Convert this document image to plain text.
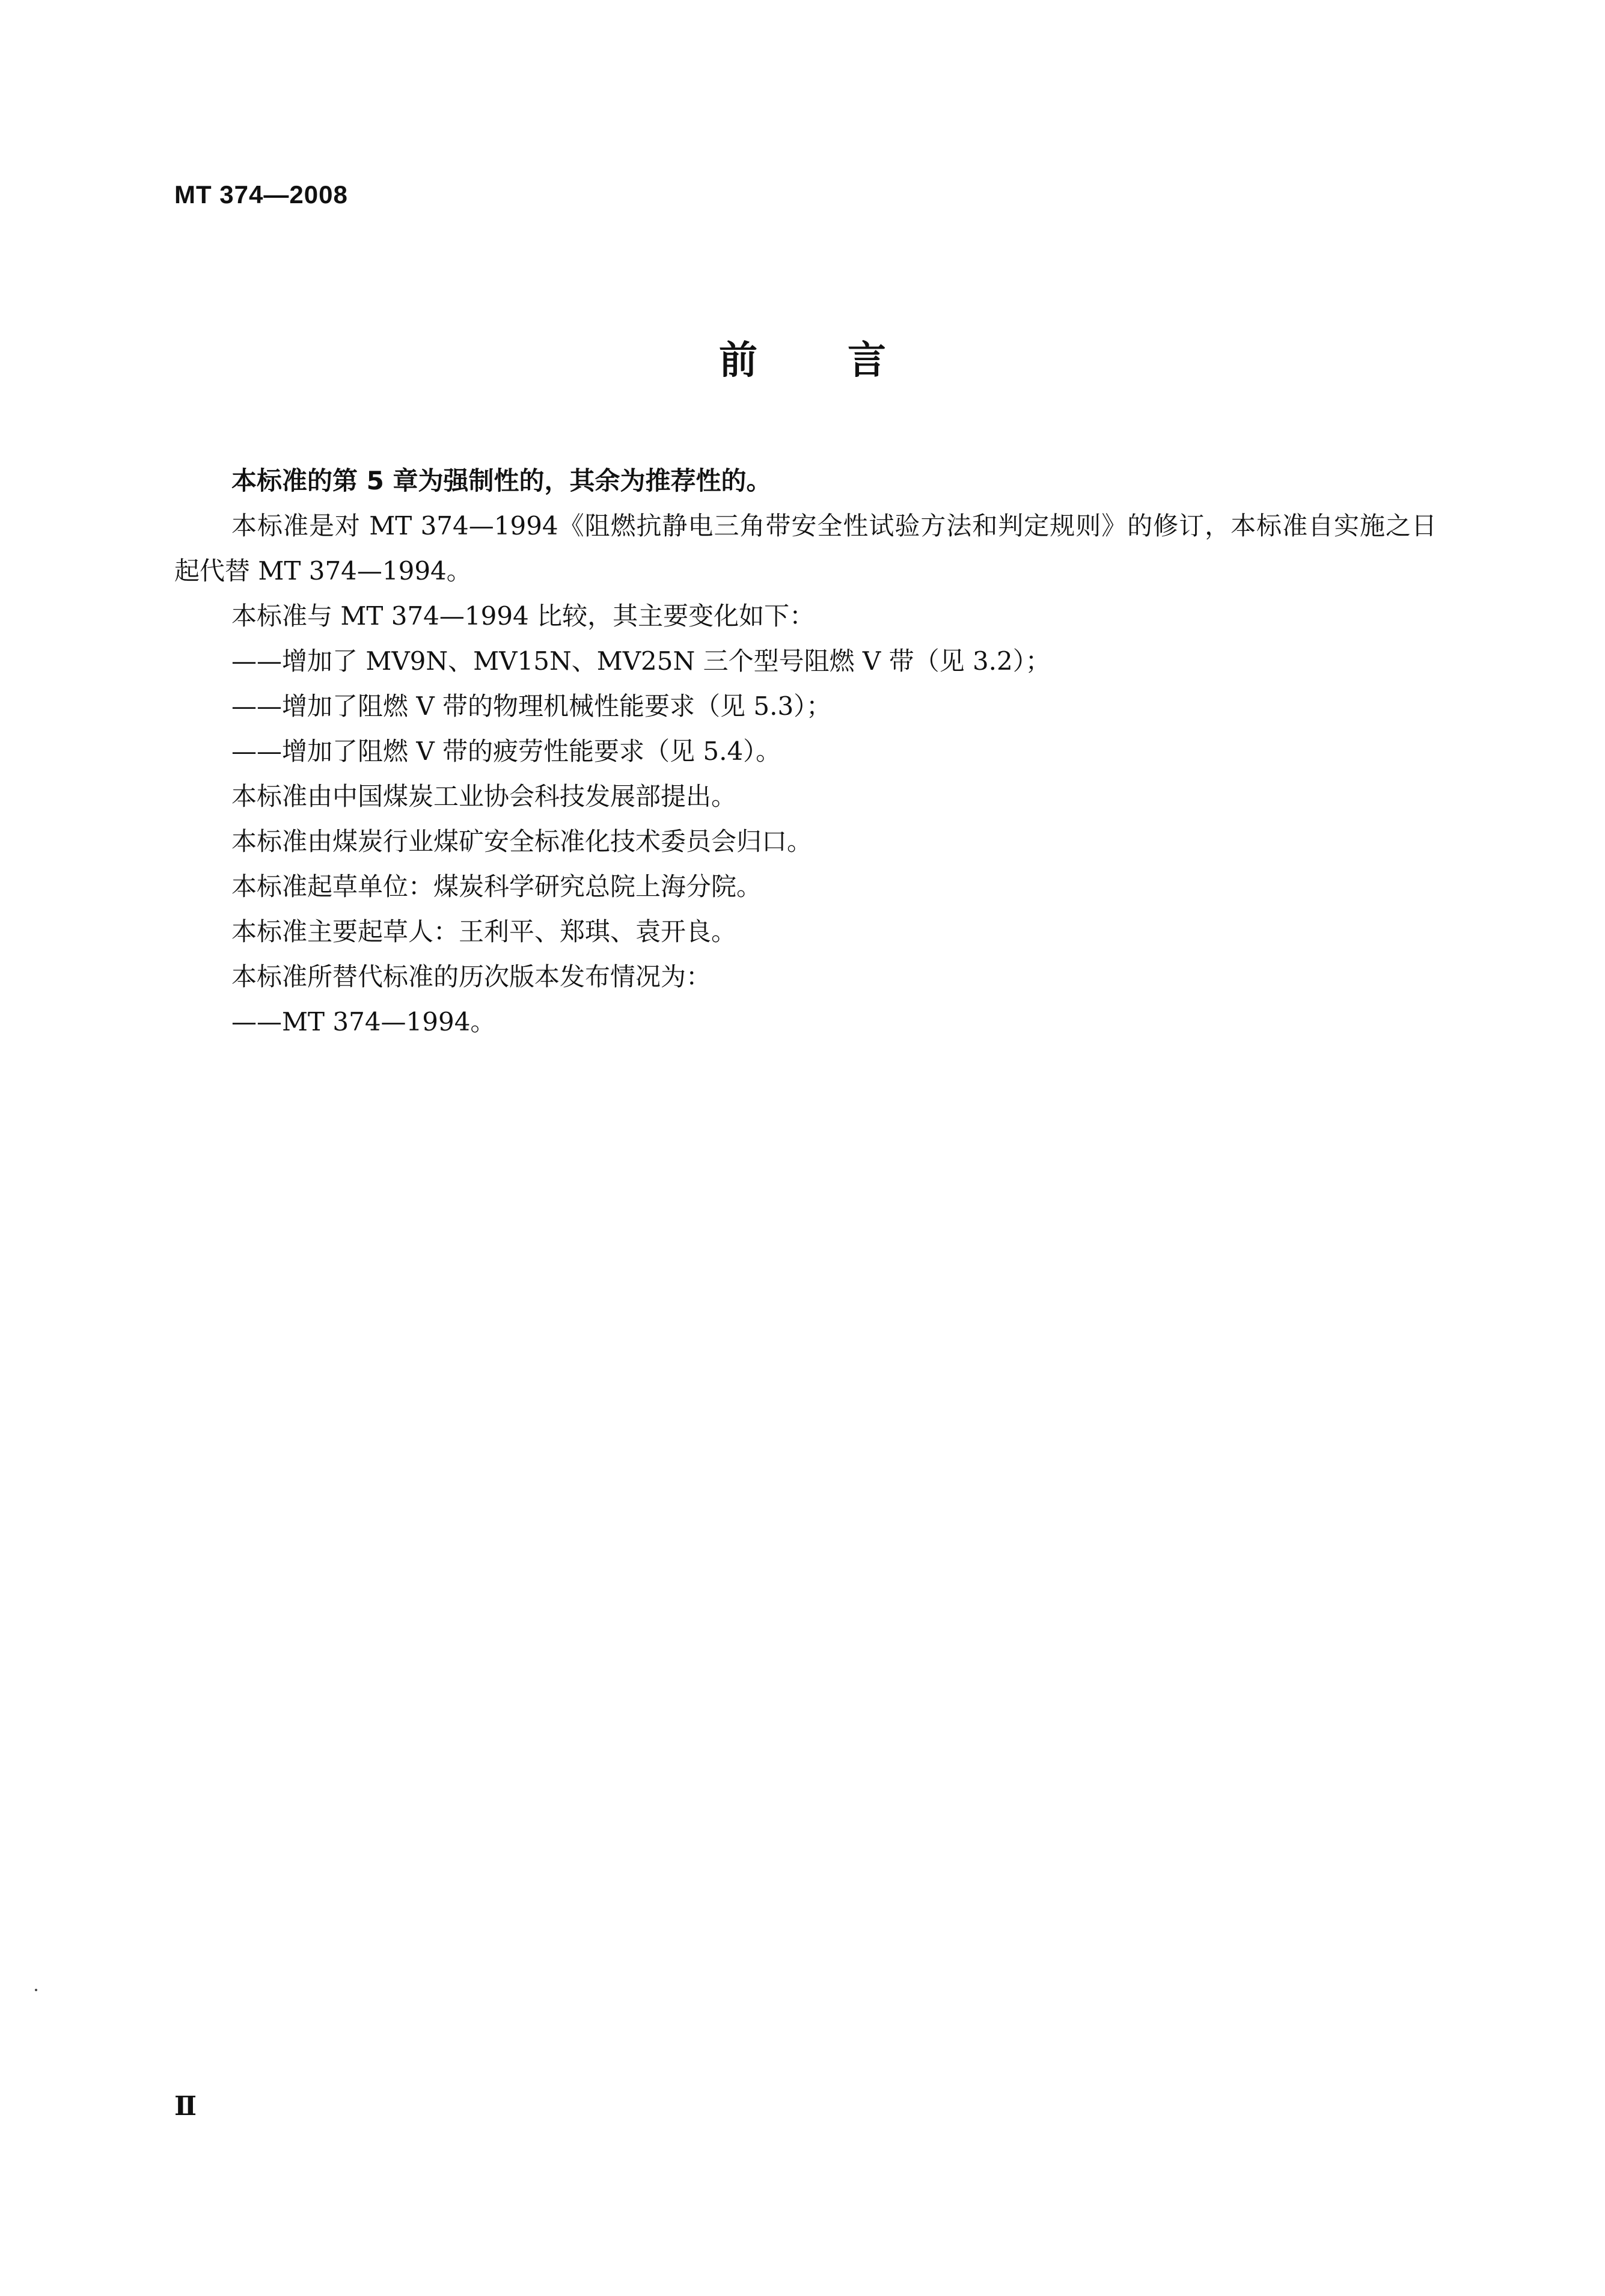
MT 374—2008
前言

本标准的第 5 章为强制性的，其余为推荐性的。

本标准是对 MT 374—1994《阻燃抗静电三角带安全性试验方法和判定规则》的修订，本标准自实施之日起代替 MT 374—1994。

本标准与 MT 374—1994 比较，其主要变化如下：

——增加了 MV9N、MV15N、MV25N 三个型号阻燃 V 带（见 3.2）；

——增加了阻燃 V 带的物理机械性能要求（见 5.3）；

——增加了阻燃 V 带的疲劳性能要求（见 5.4）。

本标准由中国煤炭工业协会科技发展部提出。

本标准由煤炭行业煤矿安全标准化技术委员会归口。

本标准起草单位：煤炭科学研究总院上海分院。

本标准主要起草人：王利平、郑琪、袁开良。

本标准所替代标准的历次版本发布情况为：

——MT 374—1994。

Ⅱ
